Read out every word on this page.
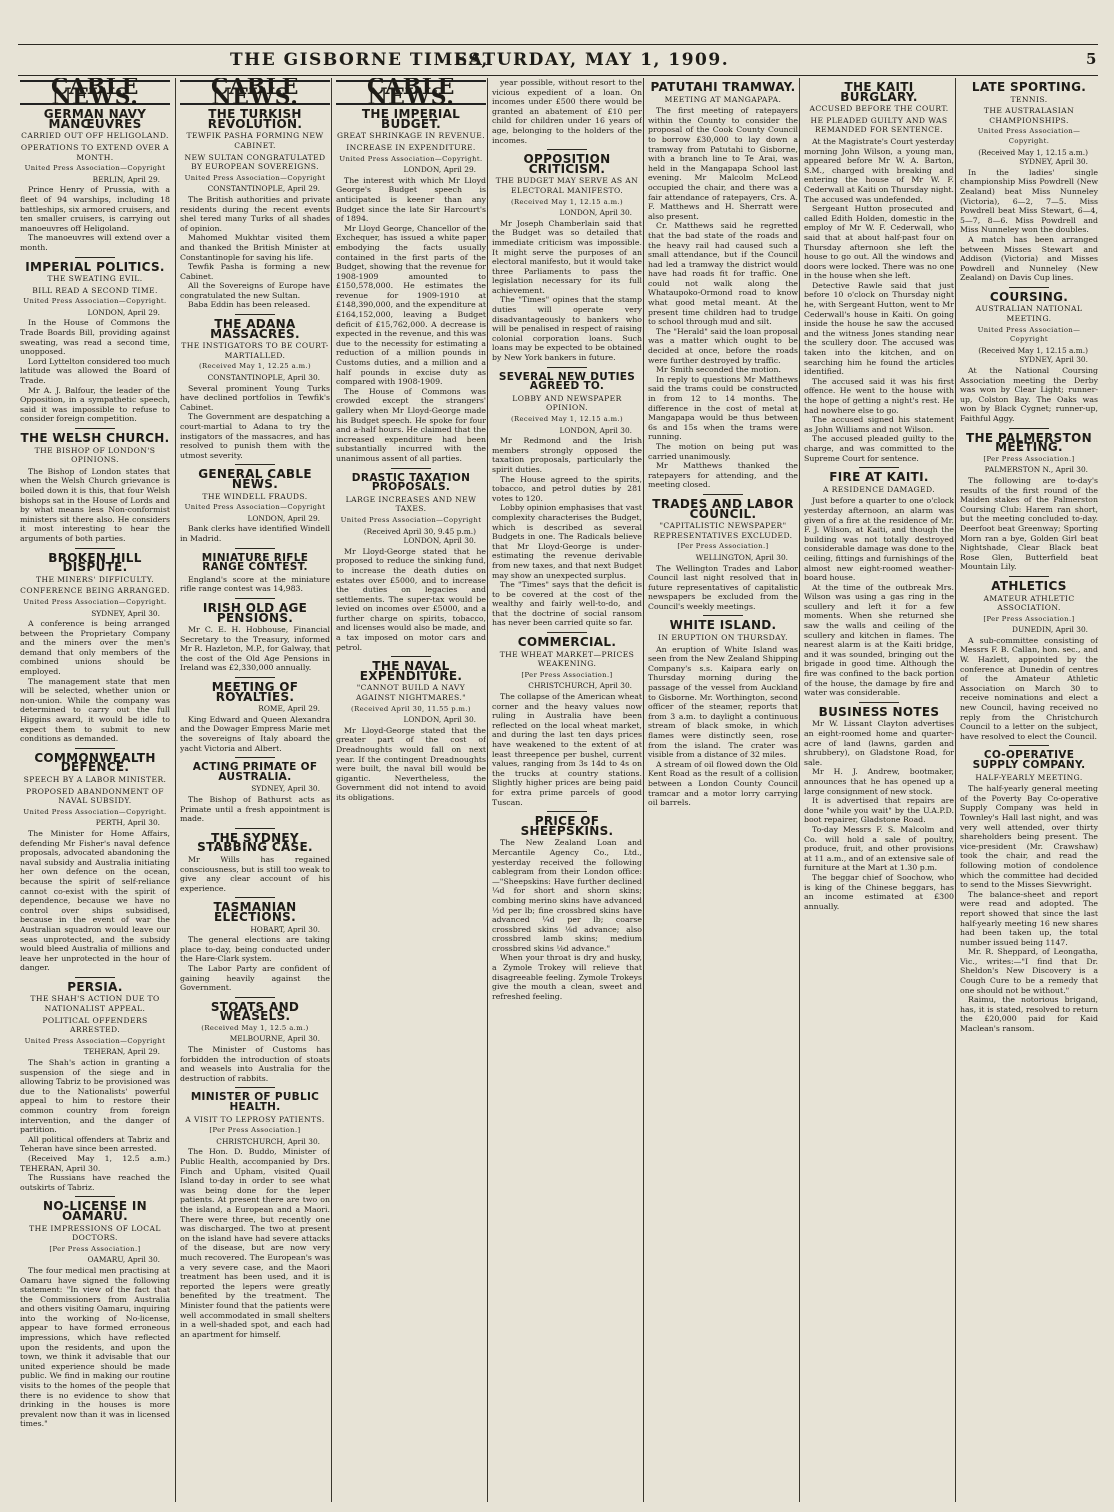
THE GISBORNE TIMES,
SATURDAY, MAY 1, 1909.	5
CABLE NEWS.
GERMAN NAVY MANŒUVRES
CARRIED OUT OFF HELIGOLAND.
OPERATIONS TO EXTEND OVER A MONTH.
United Press Association—Copyright
BERLIN, April 29.

Prince Henry of Prussia, with a fleet of 94 warships, including 18 battleships, six armored cruisers, and ten smaller cruisers, is carrying out manoeuvres off Heligoland.

The manoeuvres will extend over a month.

IMPERIAL POLITICS.
THE SWEATING EVIL.
BILL READ A SECOND TIME.
United Press Association—Copyright.
LONDON, April 29.

In the House of Commons the Trade Boards Bill, providing against sweating, was read a second time, unopposed.

Lord Lyttelton considered too much latitude was allowed the Board of Trade.

Mr A. J. Balfour, the leader of the Opposition, in a sympathetic speech, said it was impossible to refuse to consider foreign competition.

THE WELSH CHURCH.
THE BISHOP OF LONDON'S OPINIONS.

The Bishop of London states that when the Welsh Church grievance is boiled down it is this, that four Welsh bishops sat in the House of Lords and by what means less Non-conformist ministers sit there also. He considers it most interesting to hear the arguments of both parties.

BROKEN HILL DISPUTE.
THE MINERS' DIFFICULTY.
CONFERENCE BEING ARRANGED.
United Press Association—Copyright.
SYDNEY, April 30.

A conference is being arranged between the Proprietary Company and the miners over the men's demand that only members of the combined unions should be employed.

The management state that men will be selected, whether union or non-union. While the company was determined to carry out the full Higgins award, it would be idle to expect them to submit to new conditions as demanded.

COMMONWEALTH DEFENCE.
SPEECH BY A LABOR MINISTER.
PROPOSED ABANDONMENT OF NAVAL SUBSIDY.
United Press Association—Copyright.
PERTH, April 30.

The Minister for Home Affairs, defending Mr Fisher's naval defence proposals, advocated abandoning the naval subsidy and Australia initiating her own defence on the ocean, because the spirit of self-reliance cannot co-exist with the spirit of dependence, because we have no control over ships subsidised, because in the event of war the Australian squadron would leave our seas unprotected, and the subsidy would bleed Australia of millions and leave her unprotected in the hour of danger.

PERSIA.
THE SHAH'S ACTION DUE TO NATIONALIST APPEAL.
POLITICAL OFFENDERS ARRESTED.
United Press Association—Copyright
TEHERAN, April 29.

The Shah's action in granting a suspension of the siege and in allowing Tabriz to be provisioned was due to the Nationalists' powerful appeal to him to restore their common country from foreign intervention, and the danger of partition.

All political offenders at Tabriz and Teheran have since been arrested.

(Received May 1, 12.5 a.m.) TEHERAN, April 30.

The Russians have reached the outskirts of Tabriz.

NO-LICENSE IN OAMARU.
THE IMPRESSIONS OF LOCAL DOCTORS.
[Per Press Association.]
OAMARU, April 30.

The four medical men practising at Oamaru have signed the following statement: "In view of the fact that the Commissioners from Australia and others visiting Oamaru, inquiring into the working of No-license, appear to have formed erroneous impressions, which have reflected upon the residents, and upon the town, we think it advisable that our united experience should be made public. We find in making our routine visits to the homes of the people that there is no evidence to show that drinking in the houses is more prevalent now than it was in licensed times."

CABLE NEWS.
THE TURKISH REVOLUTION.
TEWFIK PASHA FORMING NEW CABINET.
NEW SULTAN CONGRATULATED BY EUROPEAN SOVEREIGNS.
United Press Association—Copyright
CONSTANTINOPLE, April 29.

The British authorities and private residents during the recent events shel tered many Turks of all shades of opinion.

Mahomed Mukhtar visited them and thanked the British Minister at Constantinople for saving his life.

Tewfik Pasha is forming a new Cabinet.

All the Sovereigns of Europe have congratulated the new Sultan.

Baba Eddin has been released.

THE ADANA MASSACRES.
THE INSTIGATORS TO BE COURT-MARTIALLED.
(Received May 1, 12.25 a.m.)
CONSTANTINOPLE, April 30.

Several prominent Young Turks have declined portfolios in Tewfik's Cabinet.

The Government are despatching a court-martial to Adana to try the instigators of the massacres, and has resolved to punish them with the utmost severity.

GENERAL CABLE NEWS.
THE WINDELL FRAUDS.
United Press Association—Copyright
LONDON, April 29.

Bank clerks have identified Windell in Madrid.

MINIATURE RIFLE RANGE CONTEST.

England's score at the miniature rifle range contest was 14,983.

IRISH OLD AGE PENSIONS.

Mr C. E. H. Hobhouse, Financial Secretary to the Treasury, informed Mr R. Hazleton, M.P., for Galway, that the cost of the Old Age Pensions in Ireland was £2,330,000 annually.

MEETING OF ROYALTIES.
ROME, April 29.

King Edward and Queen Alexandra and the Dowager Empress Marie met the sovereigns of Italy aboard the yacht Victoria and Albert.

ACTING PRIMATE OF AUSTRALIA.
SYDNEY, April 30.

The Bishop of Bathurst acts as Primate until a fresh appointment is made.

THE SYDNEY STABBING CASE.

Mr Wills has regained consciousness, but is still too weak to give any clear account of his experience.

TASMANIAN ELECTIONS.
HOBART, April 30.

The general elections are taking place to-day, being conducted under the Hare-Clark system.

The Labor Party are confident of gaining heavily against the Government.

STOATS AND WEASELS.
(Received May 1, 12.5 a.m.)
MELBOURNE, April 30.

The Minister of Customs has forbidden the introduction of stoats and weasels into Australia for the destruction of rabbits.

MINISTER OF PUBLIC HEALTH.
A VISIT TO LEPROSY PATIENTS.
[Per Press Association.]
CHRISTCHURCH, April 30.

The Hon. D. Buddo, Minister of Public Health, accompanied by Drs. Finch and Upham, visited Quail Island to-day in order to see what was being done for the leper patients. At present there are two on the island, a European and a Maori. There were three, but recently one was discharged. The two at present on the island have had severe attacks of the disease, but are now very much recovered. The European's was a very severe case, and the Maori treatment has been used, and it is reported the lepers were greatly benefited by the treatment. The Minister found that the patients were well accommodated in small shelters in a well-shaded spot, and each had an apartment for himself.

CABLE NEWS.
THE IMPERIAL BUDGET.
GREAT SHRINKAGE IN REVENUE.
INCREASE IN EXPENDITURE.
United Press Association—Copyright.
LONDON, April 29.

The interest with which Mr Lloyd George's Budget speech is anticipated is keener than any Budget since the late Sir Harcourt's of 1894.

Mr Lloyd George, Chancellor of the Exchequer, has issued a white paper embodying the facts usually contained in the first parts of the Budget, showing that the revenue for 1908-1909 amounted to £150,578,000. He estimates the revenue for 1909-1910 at £148,390,000, and the expenditure at £164,152,000, leaving a Budget deficit of £15,762,000. A decrease is expected in the revenue, and this was due to the necessity for estimating a reduction of a million pounds in Customs duties, and a million and a half pounds in excise duty as compared with 1908-1909.

The House of Commons was crowded except the strangers' gallery when Mr Lloyd-George made his Budget speech. He spoke for four and a-half hours. He claimed that the increased expenditure had been substantially incurred with the unanimous assent of all parties.

DRASTIC TAXATION PROPOSALS.
LARGE INCREASES AND NEW TAXES.
United Press Association—Copyright
(Received April 30, 9.45 p.m.) LONDON, April 30.

Mr Lloyd-George stated that he proposed to reduce the sinking fund, to increase the death duties on estates over £5000, and to increase the duties on legacies and settlements. The super-tax would be levied on incomes over £5000, and a further charge on spirits, tobacco, and licenses would also be made, and a tax imposed on motor cars and petrol.

THE NAVAL EXPENDITURE.
"CANNOT BUILD A NAVY AGAINST NIGHTMARES."
(Received April 30, 11.55 p.m.)
LONDON, April 30.

Mr Lloyd-George stated that the greater part of the cost of Dreadnoughts would fall on next year. If the contingent Dreadnoughts were built, the naval bill would be gigantic. Nevertheless, the Government did not intend to avoid its obligations.

year possible, without resort to the vicious expedient of a loan. On incomes under £500 there would be granted an abatement of £10 per child for children under 16 years of age, belonging to the holders of the incomes.

OPPOSITION CRITICISM.
THE BUDGET MAY SERVE AS AN ELECTORAL MANIFESTO.
(Received May 1, 12.15 a.m.)
LONDON, April 30.

Mr Joseph Chamberlain said that the Budget was so detailed that immediate criticism was impossible. It might serve the purposes of an electoral manifesto, but it would take three Parliaments to pass the legislation necessary for its full achievement.

The "Times" opines that the stamp duties will operate very disadvantageously to bankers who will be penalised in respect of raising colonial corporation loans. Such loans may be expected to be obtained by New York bankers in future.

SEVERAL NEW DUTIES AGREED TO.
LOBBY AND NEWSPAPER OPINION.
(Received May 1, 12.15 a.m.)
LONDON, April 30.

Mr Redmond and the Irish members strongly opposed the taxation proposals, particularly the spirit duties.

The House agreed to the spirits, tobacco, and petrol duties by 281 votes to 120.

Lobby opinion emphasises that vast complexity characterises the Budget, which is described as several Budgets in one. The Radicals believe that Mr Lloyd-George is under-estimating the revenue derivable from new taxes, and that next Budget may show an unexpected surplus.

The "Times" says that the deficit is to be covered at the cost of the wealthy and fairly well-to-do, and that the doctrine of social ransom has never been carried quite so far.

COMMERCIAL.
THE WHEAT MARKET—PRICES WEAKENING.
[Per Press Association.]
CHRISTCHURCH, April 30.

The collapse of the American wheat corner and the heavy values now ruling in Australia have been reflected on the local wheat market, and during the last ten days prices have weakened to the extent of at least threepence per bushel, current values, ranging from 3s 14d to 4s on the trucks at country stations. Slightly higher prices are being paid for extra prime parcels of good Tuscan.

PRICE OF SHEEPSKINS.

The New Zealand Loan and Mercantile Agency Co., Ltd., yesterday received the following cablegram from their London office:—"Sheepskins: Have further declined ¼d for short and shorn skins; combing merino skins have advanced ½d per lb; fine crossbred skins have advanced ¼d per lb; coarse crossbred skins ⅛d advance; also crossbred lamb skins; medium crossbred skins ⅛d advance."

When your throat is dry and husky, a Zymole Trokey will relieve that disagreeable feeling. Zymole Trokeys give the mouth a clean, sweet and refreshed feeling.

PATUTAHI TRAMWAY.
MEETING AT MANGAPAPA.

The first meeting of ratepayers within the County to consider the proposal of the Cook County Council to borrow £30,000 to lay down a tramway from Patutahi to Gisborne, with a branch line to Te Arai, was held in the Mangapapa School last evening. Mr Malcolm McLeod occupied the chair, and there was a fair attendance of ratepayers, Crs. A. F. Matthews and H. Sherratt were also present.

Cr. Matthews said he regretted that the bad state of the roads and the heavy rail had caused such a small attendance, but if the Council had led a tramway the district would have had roads fit for traffic. One could not walk along the Whataupoko-Ormond road to know what good metal meant. At the present time children had to trudge to school through mud and silt.

The "Herald" said the loan proposal was a matter which ought to be decided at once, before the roads were further destroyed by traffic.

Mr Smith seconded the motion.

In reply to questions Mr Matthews said the trams could be constructed in from 12 to 14 months. The difference in the cost of metal at Mangapapa would be thus between 6s and 15s when the trams were running.

The motion on being put was carried unanimously.

Mr Matthews thanked the ratepayers for attending, and the meeting closed.

TRADES AND LABOR COUNCIL.
"CAPITALISTIC NEWSPAPER" REPRESENTATIVES EXCLUDED.
[Per Press Association.]
WELLINGTON, April 30.

The Wellington Trades and Labor Council last night resolved that in future representatives of capitalistic newspapers be excluded from the Council's weekly meetings.

WHITE ISLAND.
IN ERUPTION ON THURSDAY.

An eruption of White Island was seen from the New Zealand Shipping Company's s.s. Kaipara early on Thursday morning during the passage of the vessel from Auckland to Gisborne. Mr. Worthington, second officer of the steamer, reports that from 3 a.m. to daylight a continuous stream of black smoke, in which flames were distinctly seen, rose from the island. The crater was visible from a distance of 32 miles.

A stream of oil flowed down the Old Kent Road as the result of a collision between a London County Council tramcar and a motor lorry carrying oil barrels.

THE KAITI BURGLARY.
ACCUSED BEFORE THE COURT.
HE PLEADED GUILTY AND WAS REMANDED FOR SENTENCE.

At the Magistrate's Court yesterday morning John Wilson, a young man, appeared before Mr W. A. Barton, S.M., charged with breaking and entering the house of Mr W. F. Cederwall at Kaiti on Thursday night. The accused was undefended.

Sergeant Hutton prosecuted and called Edith Holden, domestic in the employ of Mr W. F. Cederwall, who said that at about half-past four on Thursday afternoon she left the house to go out. All the windows and doors were locked. There was no one in the house when she left.

Detective Rawle said that just before 10 o'clock on Thursday night he, with Sergeant Hutton, went to Mr Cederwall's house in Kaiti. On going inside the house he saw the accused and the witness Jones standing near the scullery door. The accused was taken into the kitchen, and on searching him he found the articles identified.

The accused said it was his first offence. He went to the house with the hope of getting a night's rest. He had nowhere else to go.

The accused signed his statement as John Williams and not Wilson.

The accused pleaded guilty to the charge, and was committed to the Supreme Court for sentence.

FIRE AT KAITI.
A RESIDENCE DAMAGED.

Just before a quarter to one o'clock yesterday afternoon, an alarm was given of a fire at the residence of Mr. F. J. Wilson, at Kaiti, and though the building was not totally destroyed considerable damage was done to the ceiling, fittings and furnishings of the almost new eight-roomed weather-board house.

At the time of the outbreak Mrs. Wilson was using a gas ring in the scullery and left it for a few moments. When she returned she saw the walls and ceiling of the scullery and kitchen in flames. The nearest alarm is at the Kaiti bridge, and it was sounded, bringing out the brigade in good time. Although the fire was confined to the back portion of the house, the damage by fire and water was considerable.

BUSINESS NOTES

Mr W. Lissant Clayton advertises an eight-roomed home and quarter-acre of land (lawns, garden and shrubbery), on Gladstone Road, for sale.

Mr H. J. Andrew, bootmaker, announces that he has opened up a large consignment of new stock.

It is advertised that repairs are done "while you wait" by the U.A.P.D. boot repairer, Gladstone Road.

To-day Messrs F. S. Malcolm and Co. will hold a sale of poultry, produce, fruit, and other provisions at 11 a.m., and of an extensive sale of furniture at the Mart at 1.30 p.m.

The beggar chief of Soochow, who is king of the Chinese beggars, has an income estimated at £300 annually.

LATE SPORTING.
TENNIS.
THE AUSTRALASIAN CHAMPIONSHIPS.
United Press Association—Copyright.
(Received May 1, 12.15 a.m.) SYDNEY, April 30.

In the ladies' single championship Miss Powdrell (New Zealand) beat Miss Nunneley (Victoria), 6—2, 7—5. Miss Powdrell beat Miss Stewart, 6—4, 5—7, 8—6. Miss Powdrell and Miss Nunneley won the doubles.

A match has been arranged between Misses Stewart and Addison (Victoria) and Misses Powdrell and Nunneley (New Zealand) on Davis Cup lines.

COURSING.
AUSTRALIAN NATIONAL MEETING.
United Press Association—Copyright
(Received May 1, 12.15 a.m.) SYDNEY, April 30.

At the National Coursing Association meeting the Derby was won by Clear Light; runner-up, Colston Bay. The Oaks was won by Black Cygnet; runner-up, Faithful Aggy.

THE PALMERSTON MEETING.
[Per Press Association.]
PALMERSTON N., April 30.

The following are to-day's results of the first round of the Maiden stakes of the Palmerston Coursing Club: Harem ran short, but the meeting concluded to-day. Deerfoot beat Greenway; Sporting Morn ran a bye, Golden Girl beat Nightshade, Clear Black beat Rose Glen, Butterfield beat Mountain Lily.

ATHLETICS
AMATEUR ATHLETIC ASSOCIATION.
[Per Press Association.]
DUNEDIN, April 30.

A sub-committee consisting of Messrs F. B. Callan, hon. sec., and W. Hazlett, appointed by the conference at Dunedin of centres of the Amateur Athletic Association on March 30 to receive nominations and elect a new Council, having received no reply from the Christchurch Council to a letter on the subject, have resolved to elect the Council.

CO-OPERATIVE SUPPLY COMPANY.
HALF-YEARLY MEETING.

The half-yearly general meeting of the Poverty Bay Co-operative Supply Company was held in Townley's Hall last night, and was very well attended, over thirty shareholders being present. The vice-president (Mr. Crawshaw) took the chair, and read the following motion of condolence which the committee had decided to send to the Misses Sievwright.

The balance-sheet and report were read and adopted. The report showed that since the last half-yearly meeting 16 new shares had been taken up, the total number issued being 1147.

Mr. R. Sheppard, of Leongatha, Vic., writes:—"I find that Dr. Sheldon's New Discovery is a Cough Cure to be a remedy that one should not be without."

Raimu, the notorious brigand, has, it is stated, resolved to return the £20,000 paid for Kaid Maclean's ransom.
